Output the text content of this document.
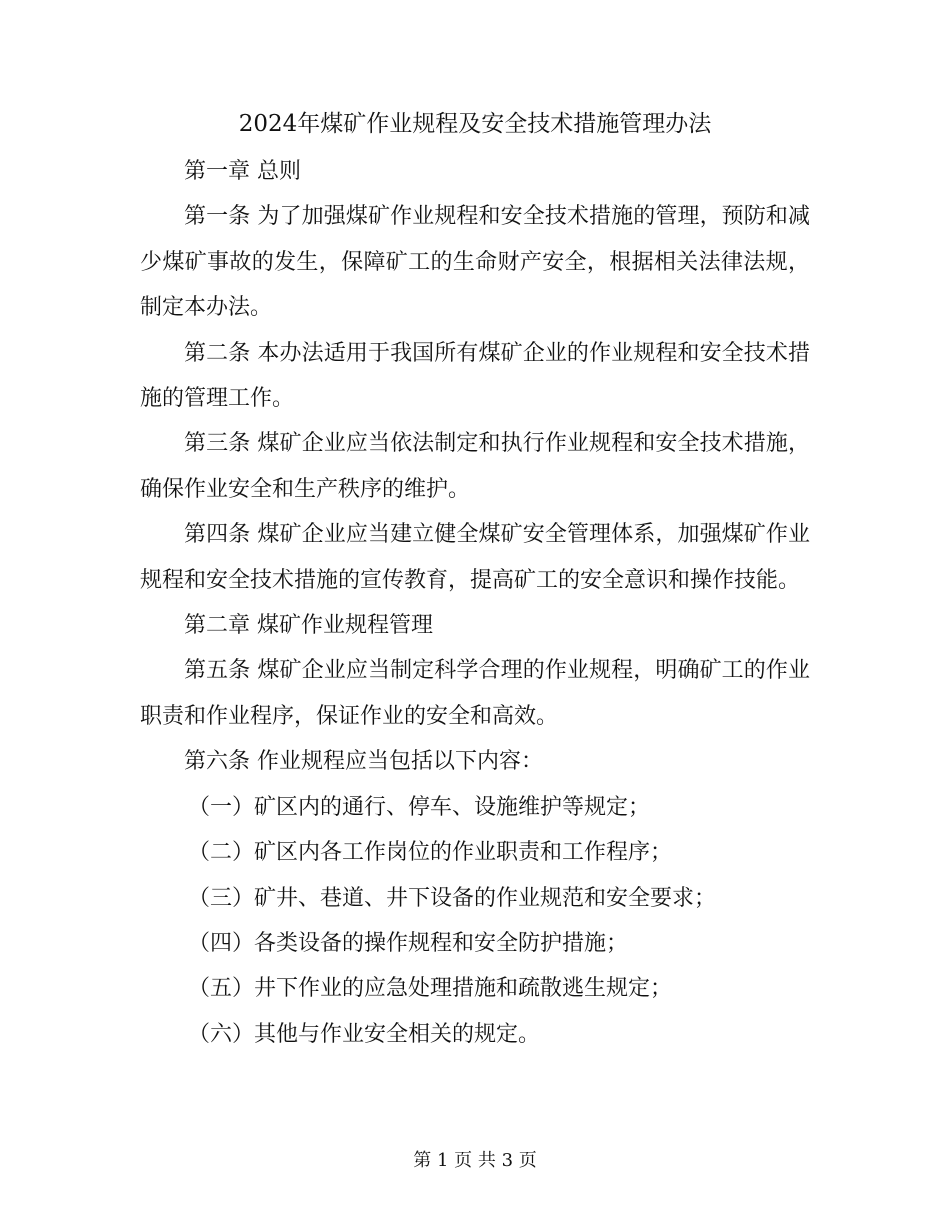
2024年煤矿作业规程及安全技术措施管理办法

第一章 总则

第一条 为了加强煤矿作业规程和安全技术措施的管理，预防和减少煤矿事故的发生，保障矿工的生命财产安全，根据相关法律法规，制定本办法。

第二条 本办法适用于我国所有煤矿企业的作业规程和安全技术措施的管理工作。

第三条 煤矿企业应当依法制定和执行作业规程和安全技术措施，确保作业安全和生产秩序的维护。

第四条 煤矿企业应当建立健全煤矿安全管理体系，加强煤矿作业规程和安全技术措施的宣传教育，提高矿工的安全意识和操作技能。

第二章 煤矿作业规程管理

第五条 煤矿企业应当制定科学合理的作业规程，明确矿工的作业职责和作业程序，保证作业的安全和高效。

第六条 作业规程应当包括以下内容：

（一）矿区内的通行、停车、设施维护等规定；

（二）矿区内各工作岗位的作业职责和工作程序；

（三）矿井、巷道、井下设备的作业规范和安全要求；

（四）各类设备的操作规程和安全防护措施；

（五）井下作业的应急处理措施和疏散逃生规定；

（六）其他与作业安全相关的规定。

第 1 页 共 3 页
